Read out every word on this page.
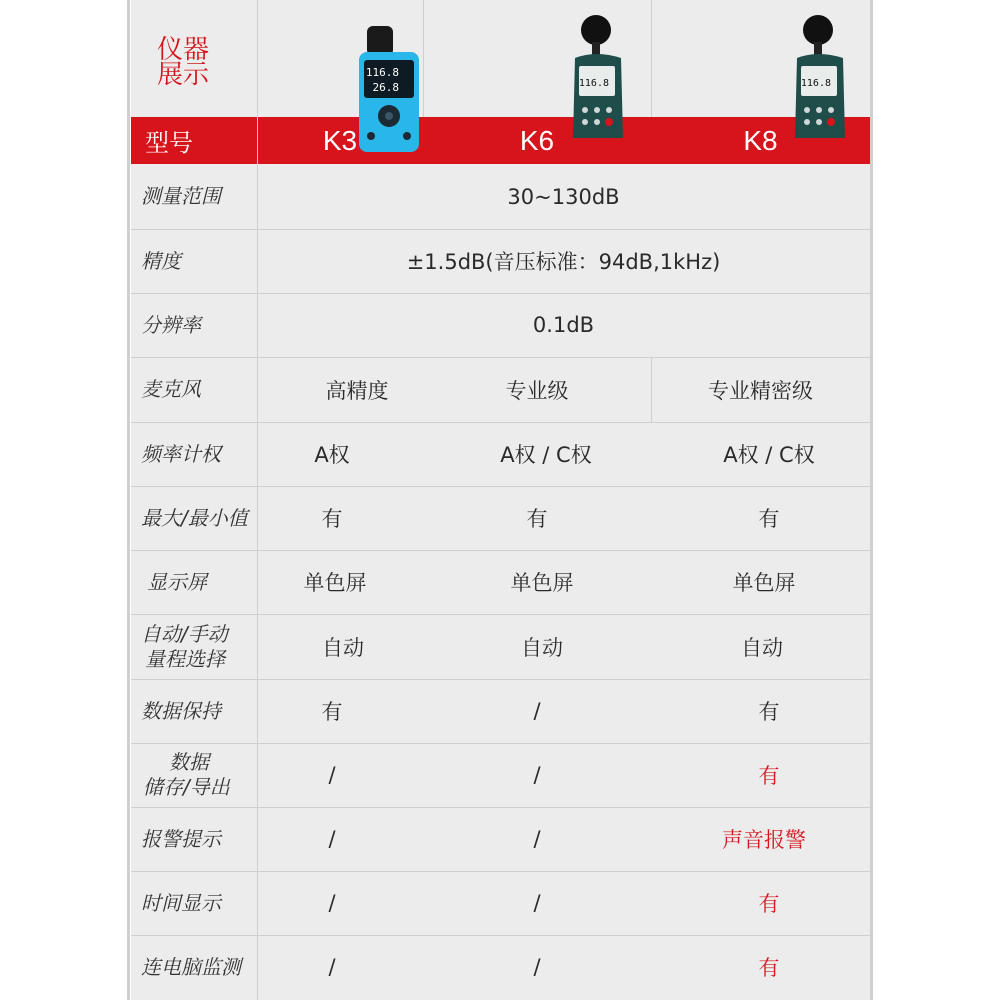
仪器
展示
型号	K3	K6	K8
116.8
26.8	116.8	116.8
测量范围	30~130dB
精度	±1.5dB(音压标准：94dB,1kHz)
分辨率	0.1dB
麦克风	高精度	专业级	专业精密级
频率计权	A权	A权 / C权	A权 / C权
最大/最小值	有	有	有
显示屏	单色屏	单色屏	单色屏
自动/手动
量程选择	自动	自动	自动
数据保持	有	/	有
数据
储存/导出	/	/	有
报警提示	/	/	声音报警
时间显示	/	/	有
连电脑监测	/	/	有
